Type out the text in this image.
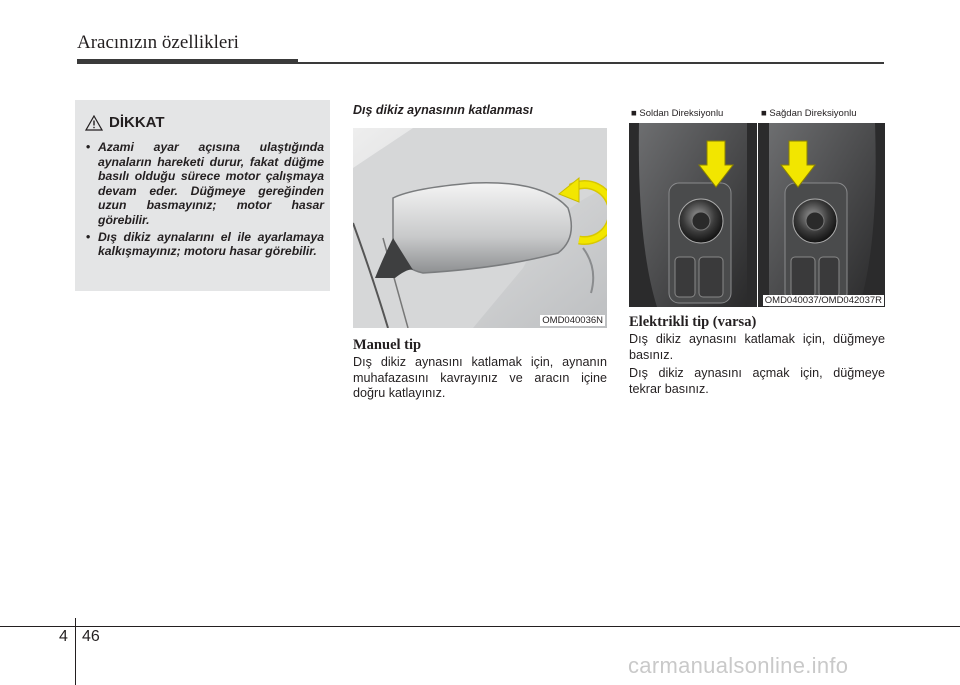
Aracınızın özellikleri
DİKKAT
• Azami ayar açısına ulaştığında aynaların hareketi durur, fakat düğme basılı olduğu sürece motor çalışmaya devam eder. Düğmeye gereğinden uzun basmayınız; motor hasar görebilir.
• Dış dikiz aynalarını el ile ayarlamaya kalkışmayınız; motoru hasar görebilir.
Dış dikiz aynasının katlanması
OMD040036N
Manuel tip
Dış dikiz aynasını katlamak için, aynanın muhafazasını kavrayınız ve aracın içine doğru katlayınız.
■ Soldan Direksiyonlu	■ Sağdan Direksiyonlu
OMD040037/OMD042037R
Elektrikli tip (varsa)
Dış dikiz aynasını katlamak için, düğmeye basınız.
Dış dikiz aynasını açmak için, düğmeye tekrar basınız.
4 46
carmanualsonline.info
